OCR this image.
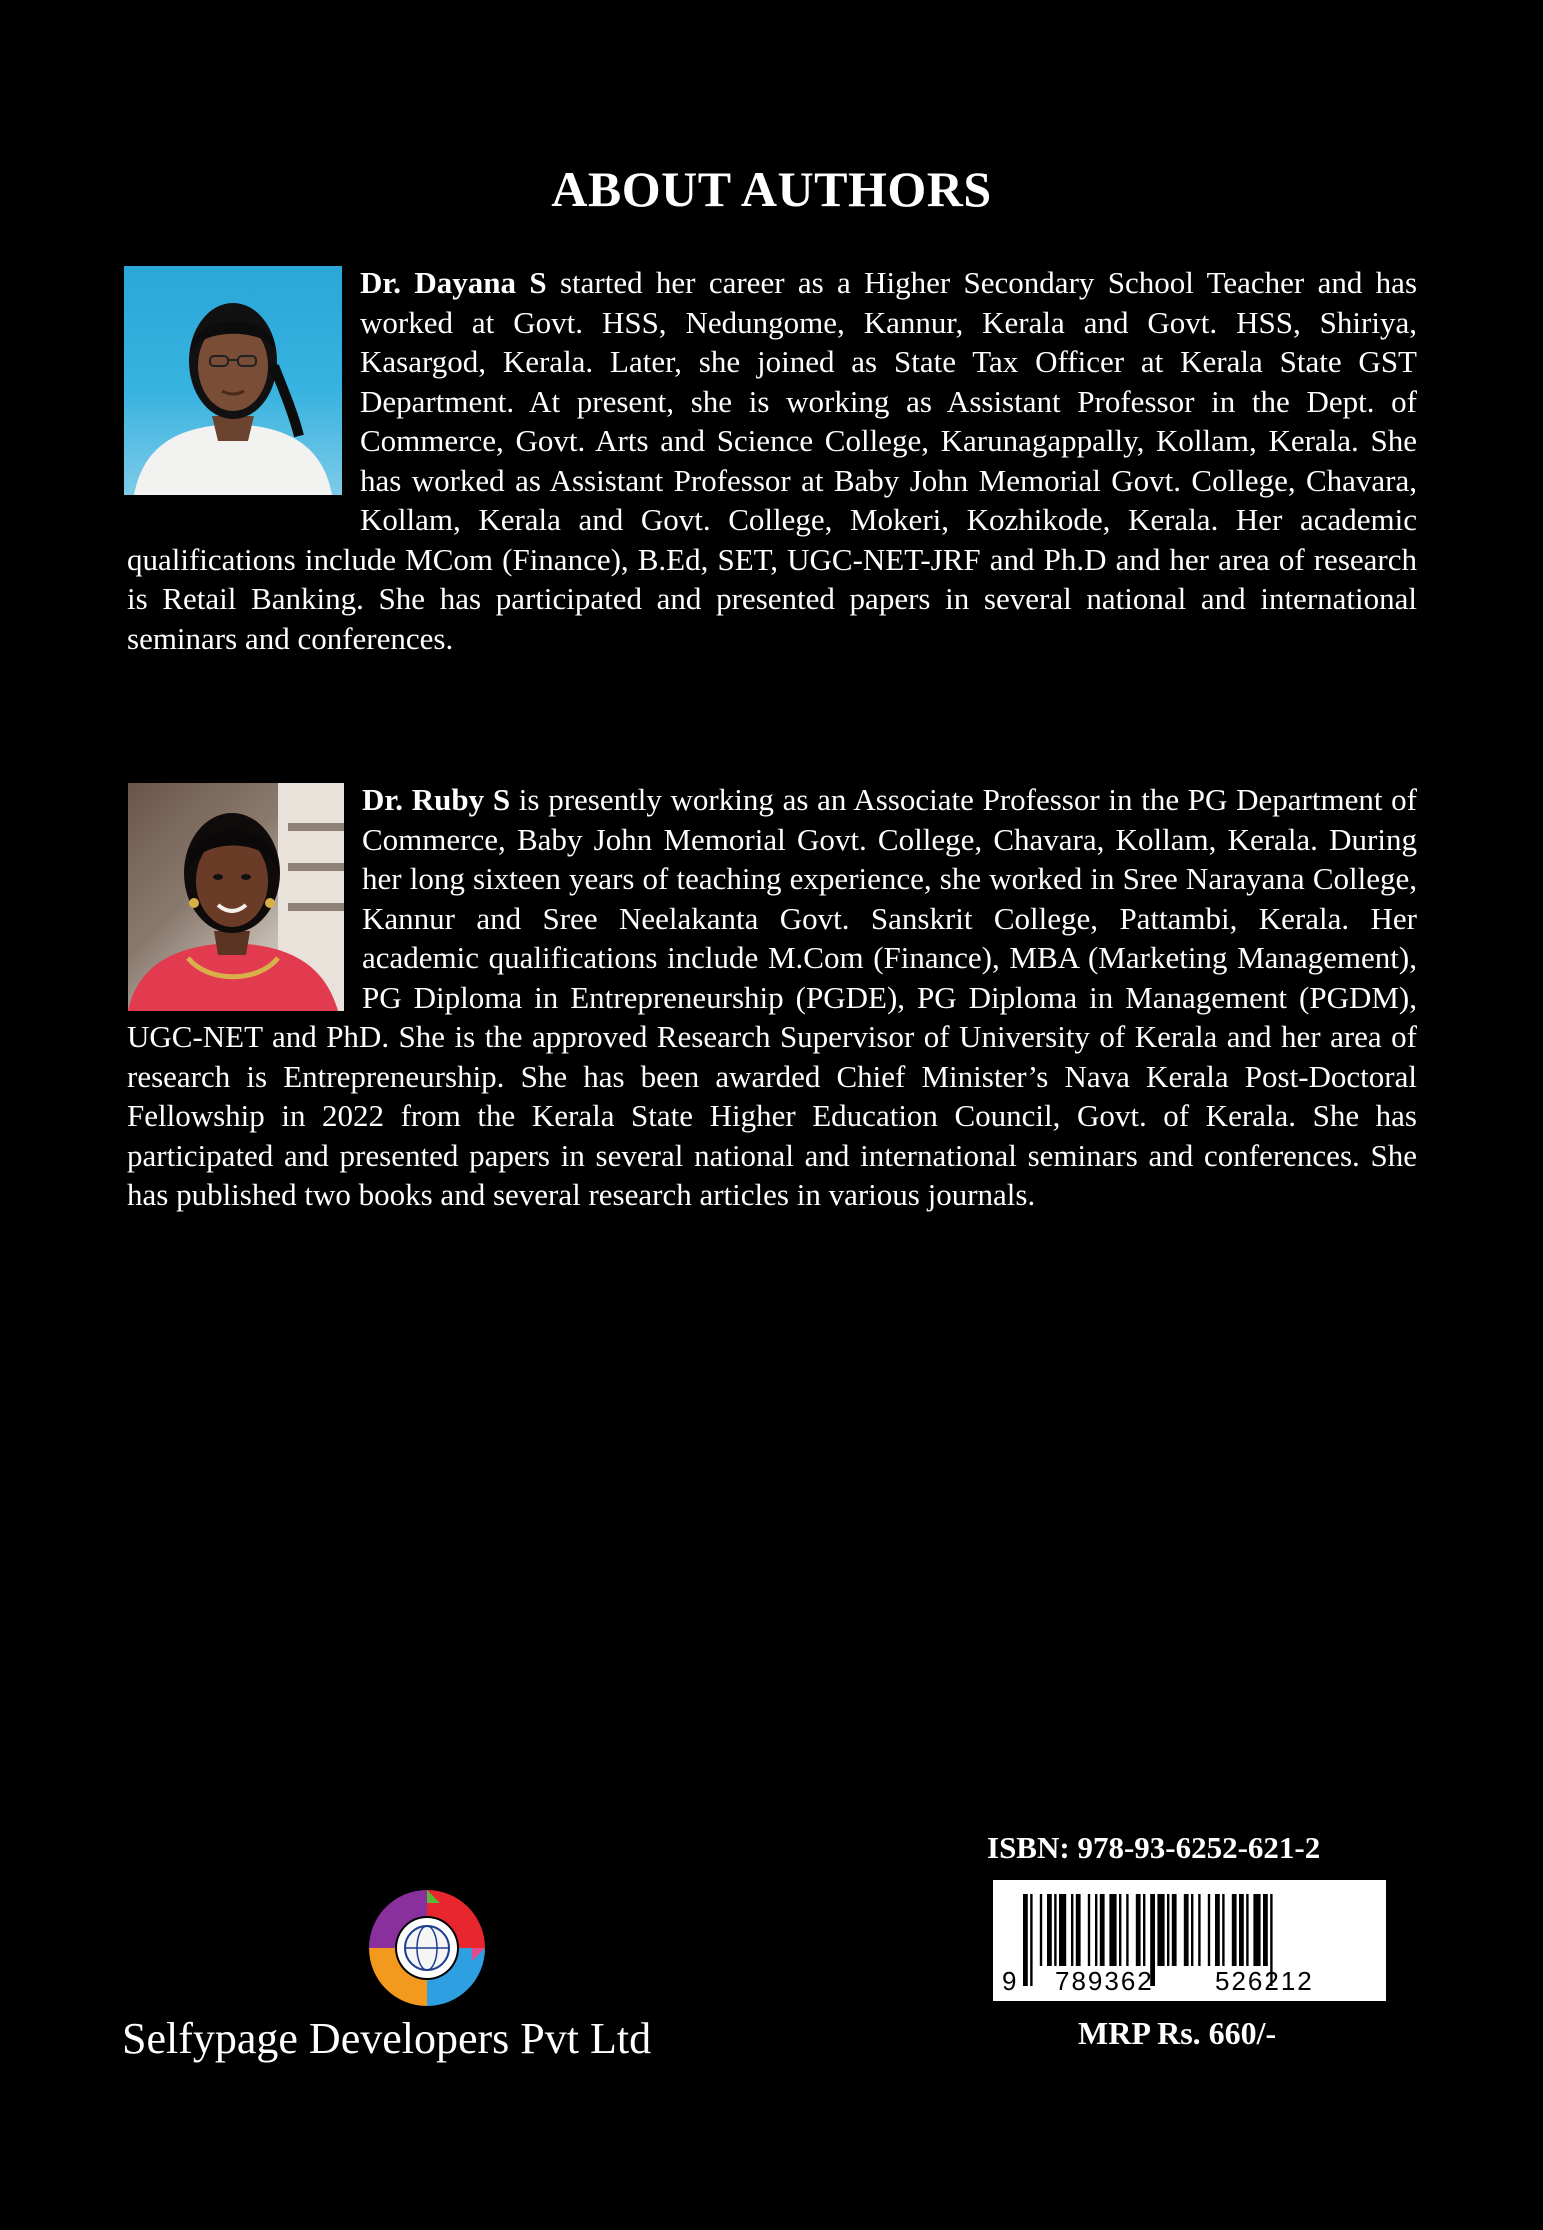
ABOUT AUTHORS

Dr. Dayana S started her career as a Higher Secondary School Teacher and has worked at Govt. HSS, Nedungome, Kannur, Kerala and Govt. HSS, Shiriya, Kasargod, Kerala. Later, she joined as State Tax Officer at Kerala State GST Department. At present, she is working as Assistant Professor in the Dept. of Commerce, Govt. Arts and Science College, Karunagappally, Kollam, Kerala. She has worked as Assistant Professor at Baby John Memorial Govt. College, Chavara, Kollam, Kerala and Govt. College, Mokeri, Kozhikode, Kerala. Her academic qualifications include MCom (Finance), B.Ed, SET, UGC-NET-JRF and Ph.D and her area of research is Retail Banking. She has participated and presented papers in several national and international seminars and conferences.

Dr. Ruby S is presently working as an Associate Professor in the PG Department of Commerce, Baby John Memorial Govt. College, Chavara, Kollam, Kerala. During her long sixteen years of teaching experience, she worked in Sree Narayana College, Kannur and Sree Neelakanta Govt. Sanskrit College, Pattambi, Kerala. Her academic qualifications include M.Com (Finance), MBA (Marketing Management), PG Diploma in Entrepreneurship (PGDE), PG Diploma in Management (PGDM), UGC-NET and PhD. She is the approved Research Supervisor of University of Kerala and her area of research is Entrepreneurship. She has been awarded Chief Minister’s Nava Kerala Post-Doctoral Fellowship in 2022 from the Kerala State Higher Education Council, Govt. of Kerala. She has participated and presented papers in several national and international seminars and conferences. She has published two books and several research articles in various journals.

Selfypage Developers Pvt Ltd

ISBN: 978-93-6252-621-2

9 789362 526212

MRP Rs. 660/-
